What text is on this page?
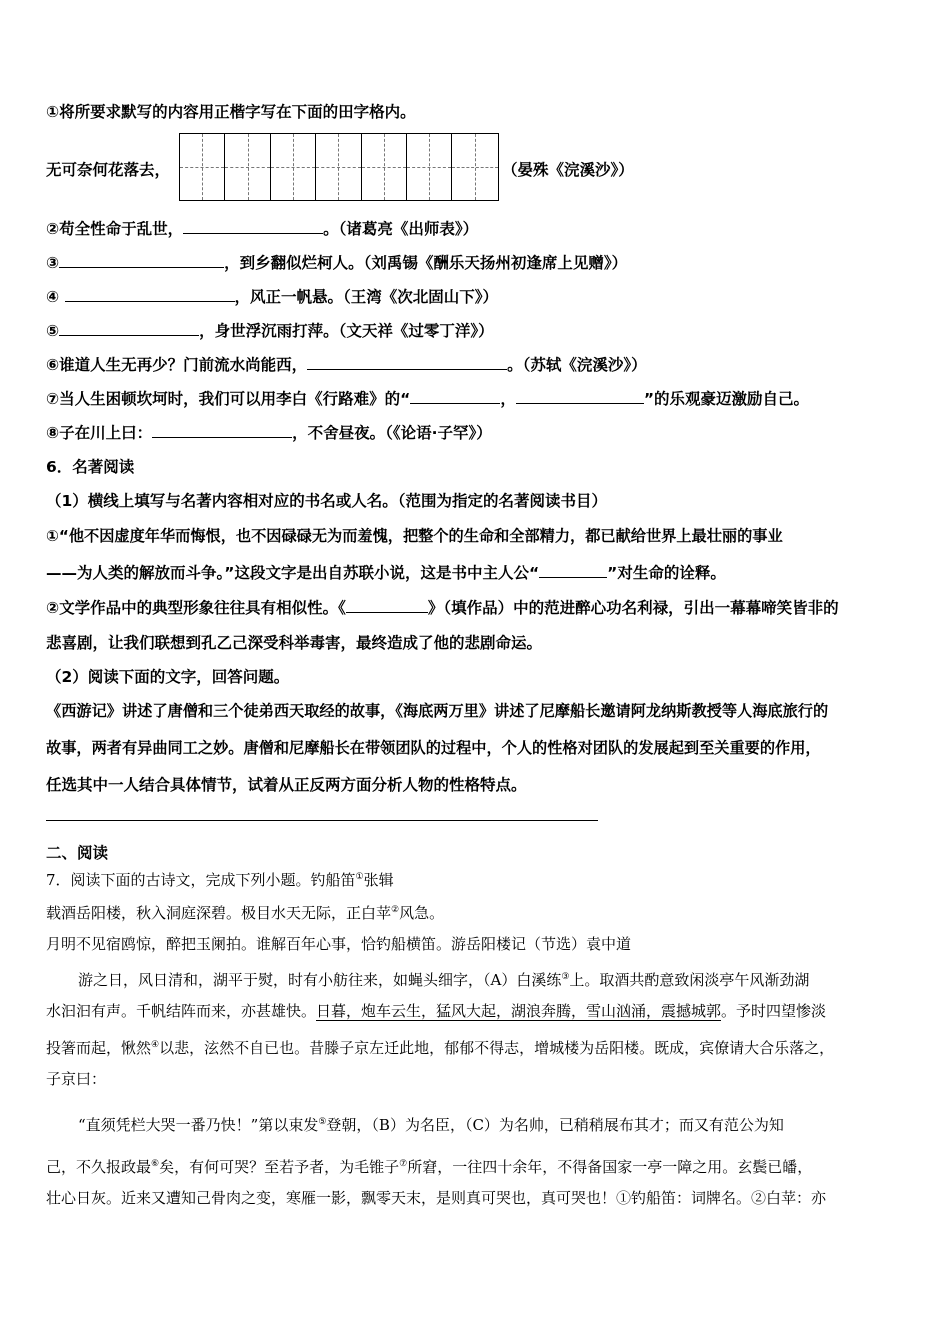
①将所要求默写的内容用正楷字写在下面的田字格内。
无可奈何花落去，	（晏殊《浣溪沙》）
②苟全性命于乱世，	。（诸葛亮《出师表》）
③	，到乡翻似烂柯人。（刘禹锡《酬乐天扬州初逢席上见赠》）
④	，风正一帆悬。（王湾《次北固山下》）
⑤	，身世浮沉雨打萍。（文天祥《过零丁洋》）
⑥谁道人生无再少？门前流水尚能西，	。（苏轼《浣溪沙》）
⑦当人生困顿坎坷时，我们可以用李白《行路难》的“	，	”的乐观豪迈激励自己。
⑧子在川上曰：	，不舍昼夜。（《论语·子罕》）
6．名著阅读
（1）横线上填写与名著内容相对应的书名或人名。（范围为指定的名著阅读书目）
①“他不因虚度年华而悔恨，也不因碌碌无为而羞愧，把整个的生命和全部精力，都已献给世界上最壮丽的事业
——为人类的解放而斗争。”这段文字是出自苏联小说，这是书中主人公“	”对生命的诠释。
②文学作品中的典型形象往往具有相似性。《	》（填作品）中的范进醉心功名利禄，引出一幕幕啼笑皆非的
悲喜剧，让我们联想到孔乙己深受科举毒害，最终造成了他的悲剧命运。
（2）阅读下面的文字，回答问题。
《西游记》讲述了唐僧和三个徒弟西天取经的故事，《海底两万里》讲述了尼摩船长邀请阿龙纳斯教授等人海底旅行的
故事，两者有异曲同工之妙。唐僧和尼摩船长在带领团队的过程中，个人的性格对团队的发展起到至关重要的作用，
任选其中一人结合具体情节，试着从正反两方面分析人物的性格特点。
二、阅读
7．阅读下面的古诗文，完成下列小题。钓船笛①张辑
载酒岳阳楼，秋入洞庭深碧。极目水天无际，正白苹②风急。
月明不见宿鸥惊，醉把玉阑拍。谁解百年心事，恰钓船横笛。游岳阳楼记（节选）袁中道
游之日，风日清和，湖平于熨，时有小舫往来，如蝇头细字，（A）白溪练③上。取酒共酌意致闲淡亭午风渐劲湖
水汩汩有声。千帆结阵而来，亦甚雄快。日暮，炮车云生，猛风大起，湖浪奔腾，雪山汹涌，震撼城郭。予时四望惨淡
投箸而起，愀然④以悲，泫然不自已也。昔滕子京左迁此地，郁郁不得志，增城楼为岳阳楼。既成，宾僚请大合乐落之，
子京曰：
“直须凭栏大哭一番乃快！”第以束发⑤登朝，（B）为名臣，（C）为名帅，已稍稍展布其才；而又有范公为知
己，不久报政最⑥矣，有何可哭？至若予者，为毛锥子⑦所窘，一往四十余年，不得备国家一亭一障之用。玄鬓已皤，
壮心日灰。近来又遭知己骨肉之变，寒雁一影，飘零天末，是则真可哭也，真可哭也！①钓船笛：词牌名。②白苹：亦
